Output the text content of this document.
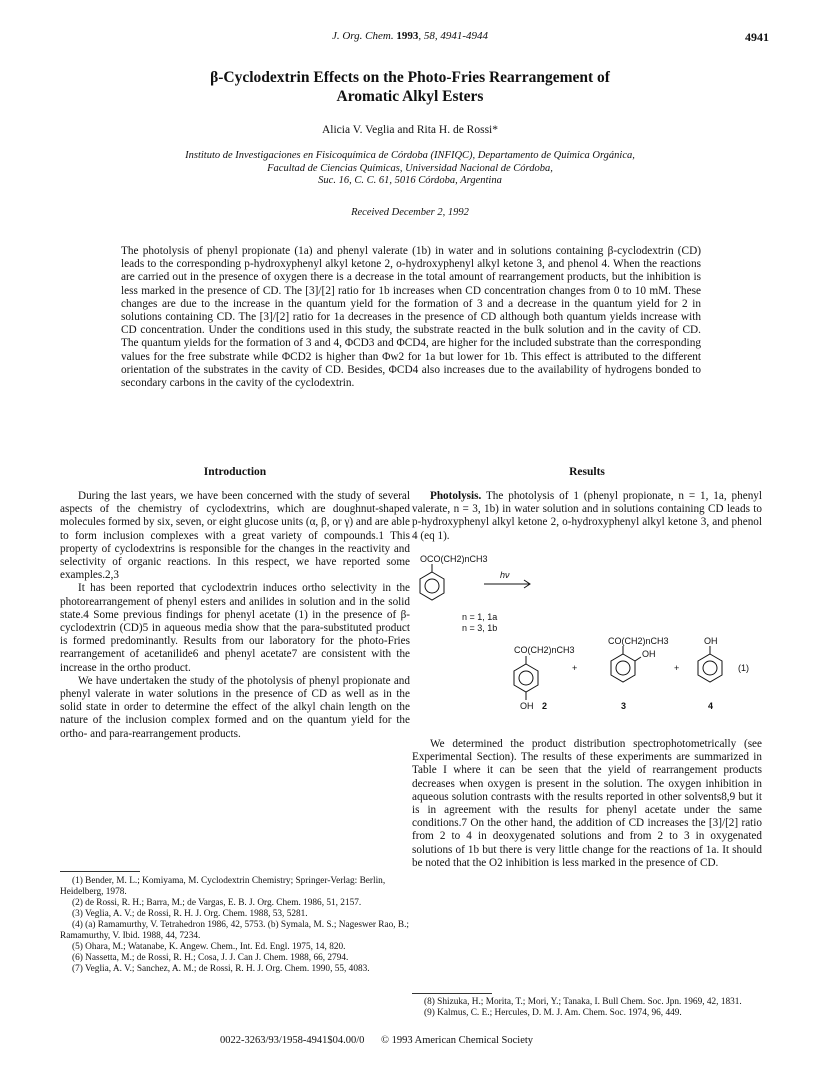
J. Org. Chem. 1993, 58, 4941-4944	4941
β-Cyclodextrin Effects on the Photo-Fries Rearrangement of
Aromatic Alkyl Esters
Alicia V. Veglia and Rita H. de Rossi*
Instituto de Investigaciones en Fisicoquímica de Córdoba (INFIQC), Departamento de Química Orgánica,
Facultad de Ciencias Químicas, Universidad Nacional de Córdoba,
Suc. 16, C. C. 61, 5016 Córdoba, Argentina
Received December 2, 1992
The photolysis of phenyl propionate (1a) and phenyl valerate (1b) in water and in solutions containing β-cyclodextrin (CD) leads to the corresponding p-hydroxyphenyl alkyl ketone 2, o-hydroxyphenyl alkyl ketone 3, and phenol 4. When the reactions are carried out in the presence of oxygen there is a decrease in the total amount of rearrangement products, but the inhibition is less marked in the presence of CD. The [3]/[2] ratio for 1b increases when CD concentration changes from 0 to 10 mM. These changes are due to the increase in the quantum yield for the formation of 3 and a decrease in the quantum yield for 2 in solutions containing CD. The [3]/[2] ratio for 1a decreases in the presence of CD although both quantum yields increase with CD concentration. Under the conditions used in this study, the substrate reacted in the bulk solution and in the cavity of CD. The quantum yields for the formation of 3 and 4, ΦCD3 and ΦCD4, are higher for the included substrate than the corresponding values for the free substrate while ΦCD2 is higher than Φw2 for 1a but lower for 1b. This effect is attributed to the different orientation of the substrates in the cavity of CD. Besides, ΦCD4 also increases due to the availability of hydrogens bonded to secondary carbons in the cavity of the cyclodextrin.
Introduction

During the last years, we have been concerned with the study of several aspects of the chemistry of cyclodextrins, which are doughnut-shaped molecules formed by six, seven, or eight glucose units (α, β, or γ) and are able to form inclusion complexes with a great variety of compounds.1 This property of cyclodextrins is responsible for the changes in the reactivity and selectivity of organic reactions. In this respect, we have reported some examples.2,3

It has been reported that cyclodextrin induces ortho selectivity in the photorearrangement of phenyl esters and anilides in solution and in the solid state.4 Some previous findings for phenyl acetate (1) in the presence of β-cyclodextrin (CD)5 in aqueous media show that the para-substituted product is formed predominantly. Results from our laboratory for the photo-Fries rearrangement of acetanilide6 and phenyl acetate7 are consistent with the increase in the ortho product.

We have undertaken the study of the photolysis of phenyl propionate and phenyl valerate in water solutions in the presence of CD as well as in the solid state in order to determine the effect of the alkyl chain length on the nature of the inclusion complex formed and on the quantum yield for the ortho- and para-rearrangement products.

(1) Bender, M. L.; Komiyama, M. Cyclodextrin Chemistry; Springer-Verlag: Berlin, Heidelberg, 1978.

(2) de Rossi, R. H.; Barra, M.; de Vargas, E. B. J. Org. Chem. 1986, 51, 2157.

(3) Veglia, A. V.; de Rossi, R. H. J. Org. Chem. 1988, 53, 5281.

(4) (a) Ramamurthy, V. Tetrahedron 1986, 42, 5753. (b) Symala, M. S.; Nageswer Rao, B.; Ramamurthy, V. Ibid. 1988, 44, 7234.

(5) Ohara, M.; Watanabe, K. Angew. Chem., Int. Ed. Engl. 1975, 14, 820.

(6) Nassetta, M.; de Rossi, R. H.; Cosa, J. J. Can J. Chem. 1988, 66, 2794.

(7) Veglia, A. V.; Sanchez, A. M.; de Rossi, R. H. J. Org. Chem. 1990, 55, 4083.

Results

Photolysis. The photolysis of 1 (phenyl propionate, n = 1, 1a, phenyl valerate, n = 3, 1b) in water solution and in solutions containing CD leads to p-hydroxyphenyl alkyl ketone 2, o-hydroxyphenyl alkyl ketone 3, and phenol 4 (eq 1).

OCO(CH2)nCH3
hν
n = 1, 1a
n = 3, 1b
CO(CH2)nCH3
OH
+
CO(CH2)nCH3
OH
+
OH
(1)
2	3	4

We determined the product distribution spectrophotometrically (see Experimental Section). The results of these experiments are summarized in Table I where it can be seen that the yield of rearrangement products decreases when oxygen is present in the solution. The oxygen inhibition in aqueous solution contrasts with the results reported in other solvents8,9 but it is in agreement with the results for phenyl acetate under the same conditions.7 On the other hand, the addition of CD increases the [3]/[2] ratio from 2 to 4 in deoxygenated solutions and from 2 to 3 in oxygenated solutions of 1b but there is very little change for the reactions of 1a. It should be noted that the O2 inhibition is less marked in the presence of CD.

(8) Shizuka, H.; Morita, T.; Mori, Y.; Tanaka, I. Bull Chem. Soc. Jpn. 1969, 42, 1831.

(9) Kalmus, C. E.; Hercules, D. M. J. Am. Chem. Soc. 1974, 96, 449.

0022-3263/93/1958-4941$04.00/0 © 1993 American Chemical Society
